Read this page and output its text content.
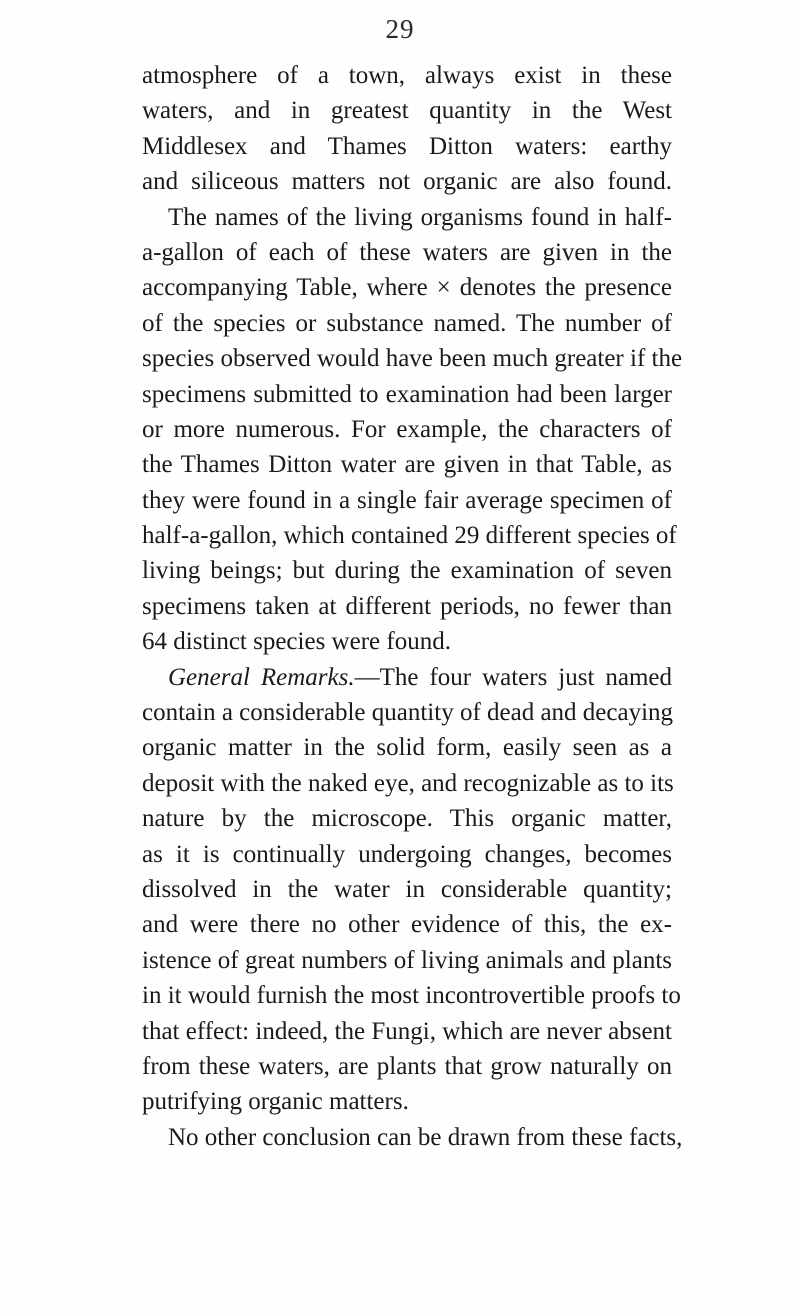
29
atmosphere of a town, always exist in these
waters, and in greatest quantity in the West
Middlesex and Thames Ditton waters: earthy
and siliceous matters not organic are also found.
The names of the living organisms found in half-
a-gallon of each of these waters are given in the
accompanying Table, where × denotes the presence
of the species or substance named. The number of
species observed would have been much greater if the
specimens submitted to examination had been larger
or more numerous. For example, the characters of
the Thames Ditton water are given in that Table, as
they were found in a single fair average specimen of
half-a-gallon, which contained 29 different species of
living beings; but during the examination of seven
specimens taken at different periods, no fewer than
64 distinct species were found.
General Remarks.—The four waters just named
contain a considerable quantity of dead and decaying
organic matter in the solid form, easily seen as a
deposit with the naked eye, and recognizable as to its
nature by the microscope. This organic matter,
as it is continually undergoing changes, becomes
dissolved in the water in considerable quantity;
and were there no other evidence of this, the ex-
istence of great numbers of living animals and plants
in it would furnish the most incontrovertible proofs to
that effect: indeed, the Fungi, which are never absent
from these waters, are plants that grow naturally on
putrifying organic matters.
No other conclusion can be drawn from these facts,
